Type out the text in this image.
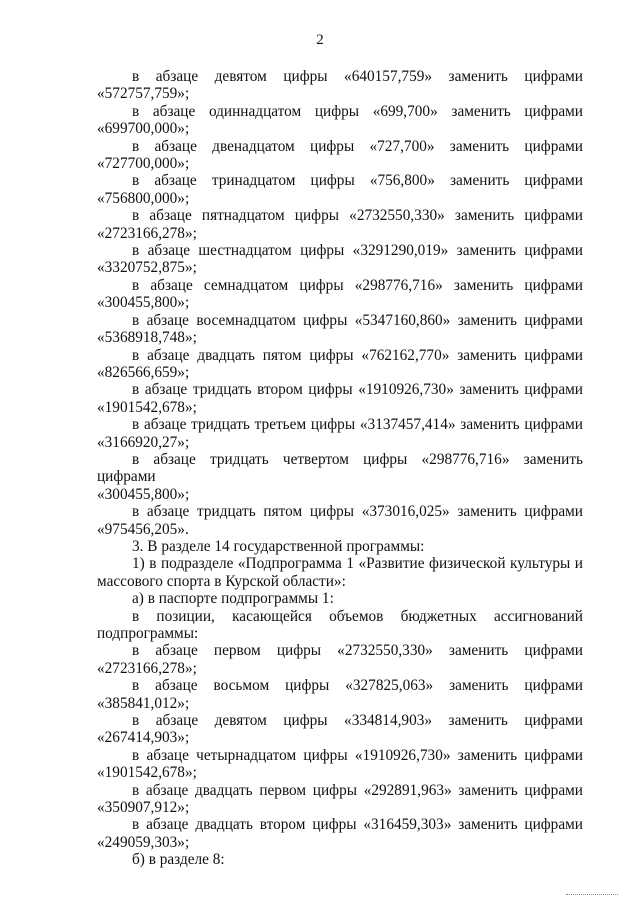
2

в абзаце девятом цифры «640157,759» заменить цифрами
«572757,759»;

в абзаце одиннадцатом цифры «699,700» заменить цифрами
«699700,000»;

в абзаце двенадцатом цифры «727,700» заменить цифрами
«727700,000»;

в абзаце тринадцатом цифры «756,800» заменить цифрами
«756800,000»;

в абзаце пятнадцатом цифры «2732550,330» заменить цифрами
«2723166,278»;

в абзаце шестнадцатом цифры «3291290,019» заменить цифрами
«3320752,875»;

в абзаце семнадцатом цифры «298776,716» заменить цифрами
«300455,800»;

в абзаце восемнадцатом цифры «5347160,860» заменить цифрами
«5368918,748»;

в абзаце двадцать пятом цифры «762162,770» заменить цифрами
«826566,659»;

в абзаце тридцать втором цифры «1910926,730» заменить цифрами
«1901542,678»;

в абзаце тридцать третьем цифры «3137457,414» заменить цифрами
«3166920,27»;

в абзаце тридцать четвертом цифры «298776,716» заменить цифрами
«300455,800»;

в абзаце тридцать пятом цифры «373016,025» заменить цифрами
«975456,205».

3. В разделе 14 государственной программы:

1) в подразделе «Подпрограмма 1 «Развитие физической культуры и
массового спорта в Курской области»:

а) в паспорте подпрограммы 1:

в позиции, касающейся объемов бюджетных ассигнований
подпрограммы:

в абзаце первом цифры «2732550,330» заменить цифрами
«2723166,278»;

в абзаце восьмом цифры «327825,063» заменить цифрами
«385841,012»;

в абзаце девятом цифры «334814,903» заменить цифрами
«267414,903»;

в абзаце четырнадцатом цифры «1910926,730» заменить цифрами
«1901542,678»;

в абзаце двадцать первом цифры «292891,963» заменить цифрами
«350907,912»;

в абзаце двадцать втором цифры «316459,303» заменить цифрами
«249059,303»;

б) в разделе 8:
